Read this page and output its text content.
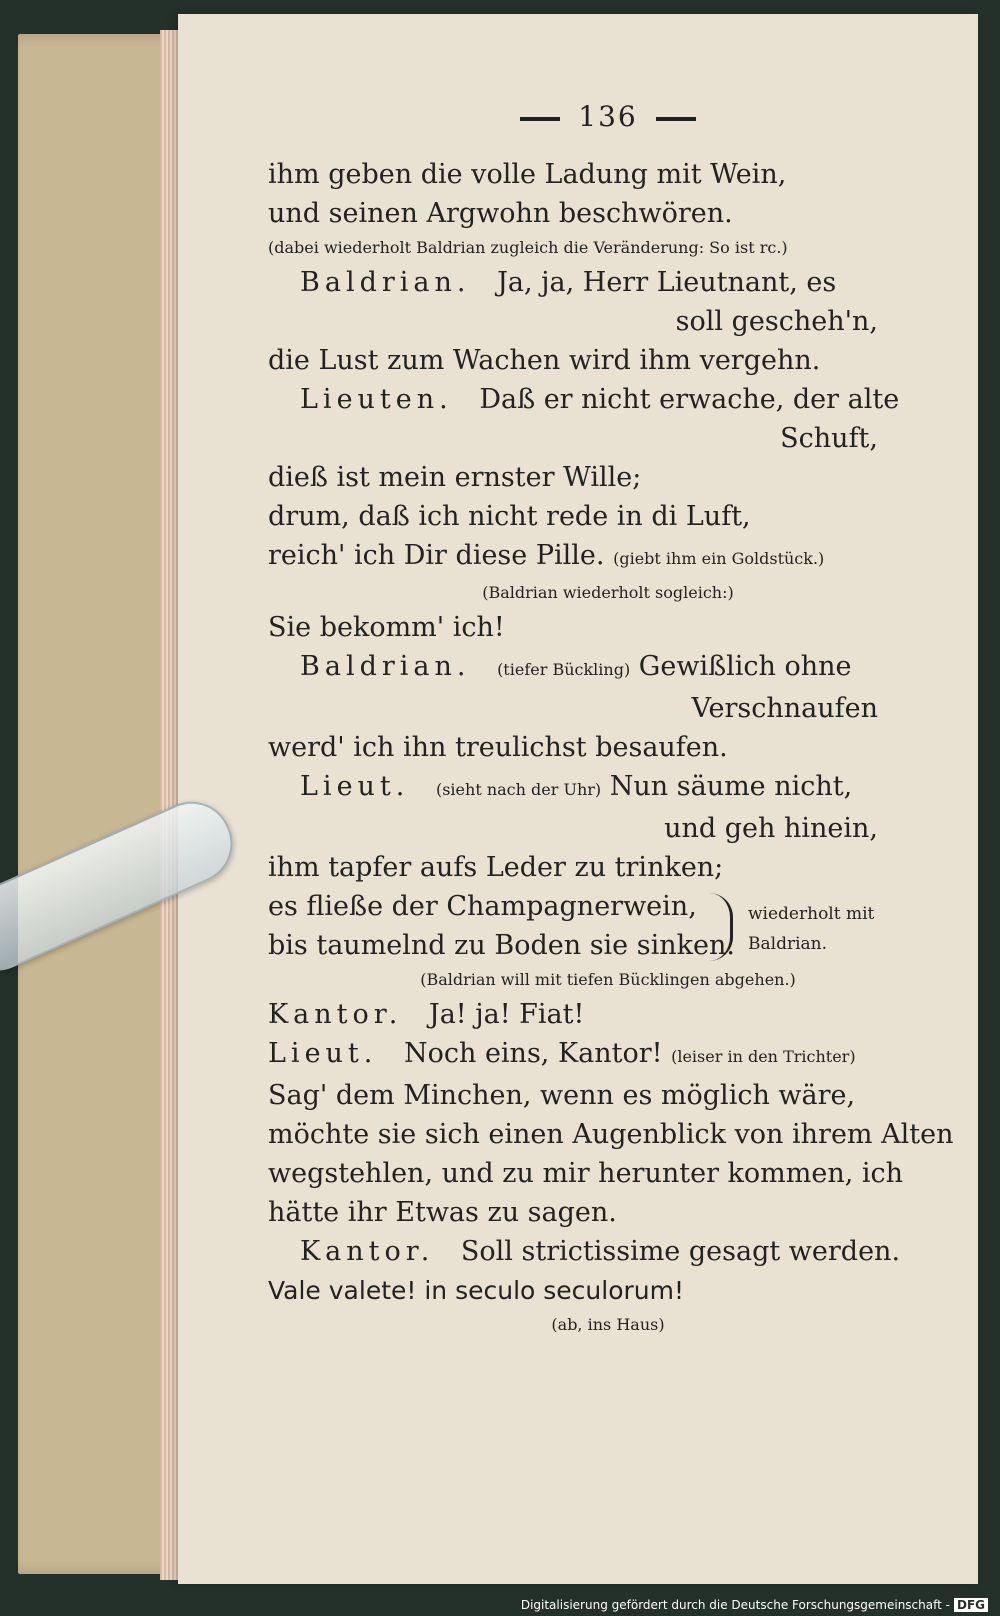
136
ihm geben die volle Ladung mit Wein,
und seinen Argwohn beschwören.
(dabei wiederholt Baldrian zugleich die Veränderung: So ist rc.)
Baldrian. Ja, ja, Herr Lieutnant, es
soll gescheh'n,
die Lust zum Wachen wird ihm vergehn.
Lieuten. Daß er nicht erwache, der alte
Schuft,
dieß ist mein ernster Wille;
drum, daß ich nicht rede in di Luft,
reich' ich Dir diese Pille. (giebt ihm ein Goldstück.)
(Baldrian wiederholt sogleich:)
Sie bekomm' ich!
Baldrian. (tiefer Bückling) Gewißlich ohne
Verschnaufen
werd' ich ihn treulichst besaufen.
Lieut. (sieht nach der Uhr) Nun säume nicht,
und geh hinein,
ihm tapfer aufs Leder zu trinken;
es fließe der Champagnerwein,
bis taumelnd zu Boden sie sinken.
wiederholt mit
Baldrian.
(Baldrian will mit tiefen Bücklingen abgehen.)
Kantor. Ja! ja! Fiat!
Lieut. Noch eins, Kantor! (leiser in den Trichter)
Sag' dem Minchen, wenn es möglich wäre,
möchte sie sich einen Augenblick von ihrem Alten
wegstehlen, und zu mir herunter kommen, ich
hätte ihr Etwas zu sagen.
Kantor. Soll strictissime gesagt werden.
Vale valete! in seculo seculorum!
(ab, ins Haus)
Digitalisierung gefördert durch die Deutsche Forschungsgemeinschaft - DFG
